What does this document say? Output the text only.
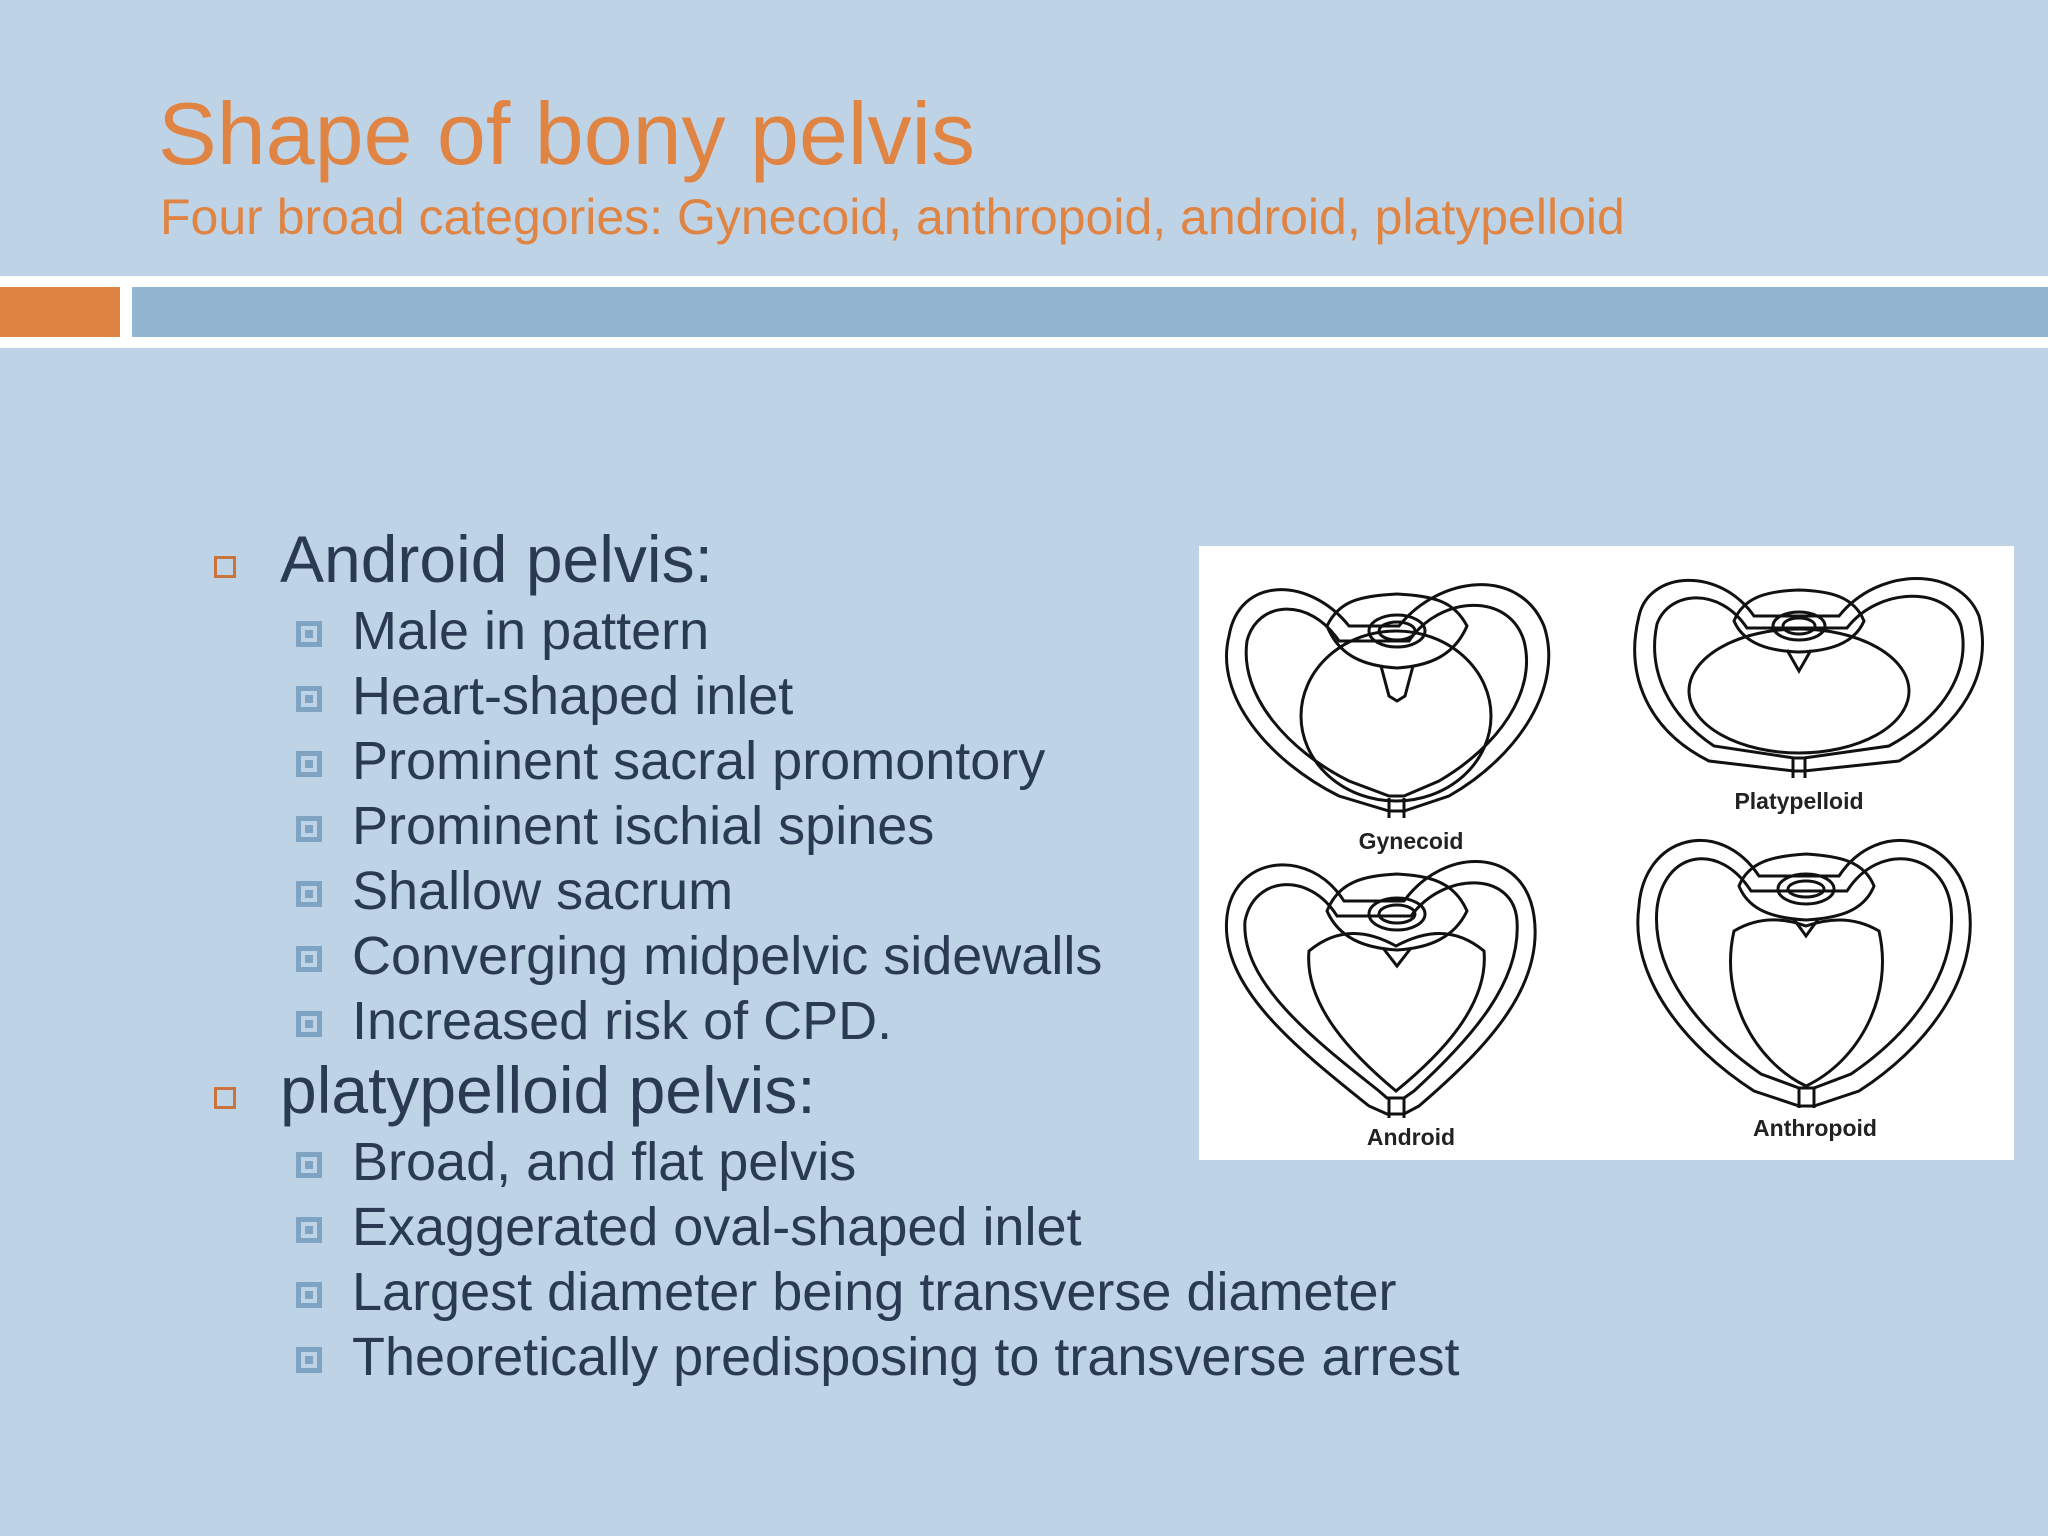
Shape of bony pelvis
Four broad categories: Gynecoid, anthropoid, android, platypelloid
Android pelvis:
Male in pattern
Heart-shaped inlet
Prominent sacral promontory
Prominent ischial spines
Shallow sacrum
Converging midpelvic sidewalls
Increased risk of CPD.
platypelloid pelvis:
Broad, and flat pelvis
Exaggerated oval-shaped inlet
Largest diameter being transverse diameter
Theoretically predisposing to transverse arrest
Gynecoid
Platypelloid
Android	Anthropoid
